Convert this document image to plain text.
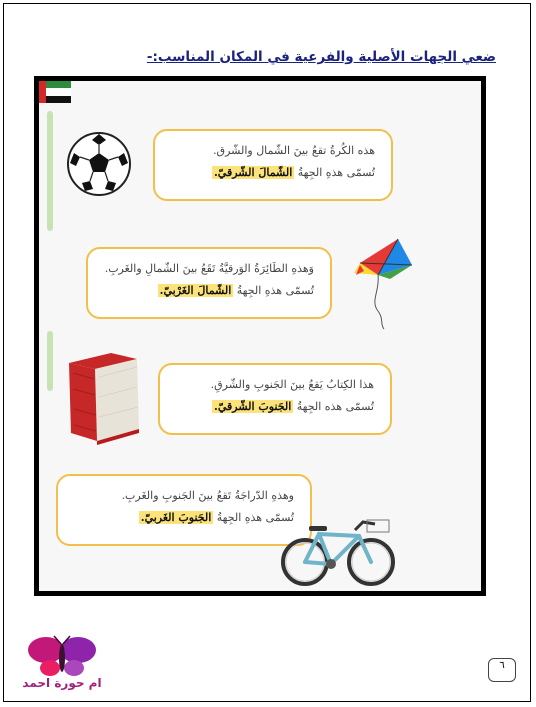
ضعي الجهات الأصلية والفرعية في المكان المناسب:-
هذه الكُرةُ تقعُ بينَ الشّمال والشّرق.
تُسمّى هذهِ الجِهةُ الشّمالَ الشّرقيّ.
وَهذهِ الطَائِرَةُ الوَرقيَّةُ تَقَعُ بينَ الشّمالِ والغَربِ.
تُسمّى هذهِ الجِهةُ الشّمالَ الغَرْبيّ.
هذا الكِتابُ يَقعُ بينَ الجَنوبِ والشّرقِ.
تُسمّى هذه الجِهةُ الجَنوبَ الشّرقيّ.
وهذهِ الدّراجَةُ تَقعُ بينَ الجَنوبِ والغَربِ.
تُسمّى هذهِ الجِهةُ الجَنوبَ الغَربيّ.
ام حورة احمد
٦
